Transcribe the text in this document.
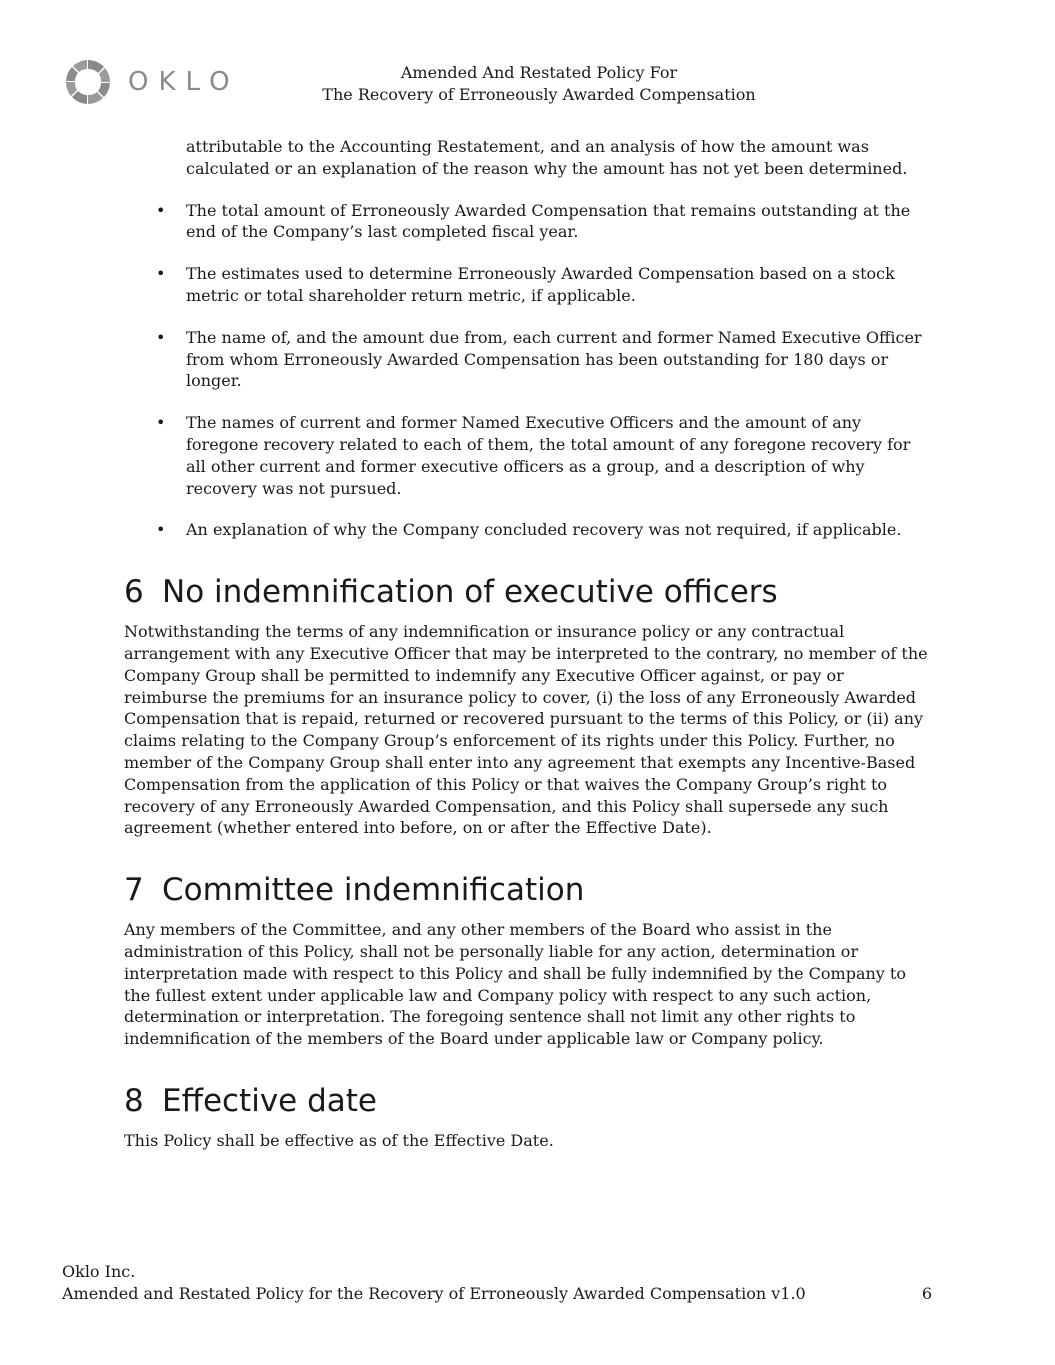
OKLO	Amended And Restated Policy For
The Recovery of Erroneously Awarded Compensation

attributable to the Accounting Restatement, and an analysis of how the amount was calculated or an explanation of the reason why the amount has not yet been determined.

• The total amount of Erroneously Awarded Compensation that remains outstanding at the end of the Company’s last completed fiscal year.

• The estimates used to determine Erroneously Awarded Compensation based on a stock metric or total shareholder return metric, if applicable.

• The name of, and the amount due from, each current and former Named Executive Officer from whom Erroneously Awarded Compensation has been outstanding for 180 days or longer.

• The names of current and former Named Executive Officers and the amount of any foregone recovery related to each of them, the total amount of any foregone recovery for all other current and former executive officers as a group, and a description of why recovery was not pursued.

• An explanation of why the Company concluded recovery was not required, if applicable.

6 No indemnification of executive officers

Notwithstanding the terms of any indemnification or insurance policy or any contractual arrangement with any Executive Officer that may be interpreted to the contrary, no member of the Company Group shall be permitted to indemnify any Executive Officer against, or pay or reimburse the premiums for an insurance policy to cover, (i) the loss of any Erroneously Awarded Compensation that is repaid, returned or recovered pursuant to the terms of this Policy, or (ii) any claims relating to the Company Group’s enforcement of its rights under this Policy. Further, no member of the Company Group shall enter into any agreement that exempts any Incentive-Based Compensation from the application of this Policy or that waives the Company Group’s right to recovery of any Erroneously Awarded Compensation, and this Policy shall supersede any such agreement (whether entered into before, on or after the Effective Date).

7 Committee indemnification

Any members of the Committee, and any other members of the Board who assist in the administration of this Policy, shall not be personally liable for any action, determination or interpretation made with respect to this Policy and shall be fully indemnified by the Company to the fullest extent under applicable law and Company policy with respect to any such action, determination or interpretation. The foregoing sentence shall not limit any other rights to indemnification of the members of the Board under applicable law or Company policy.

8 Effective date

This Policy shall be effective as of the Effective Date.

Oklo Inc.
Amended and Restated Policy for the Recovery of Erroneously Awarded Compensation v1.0	6
